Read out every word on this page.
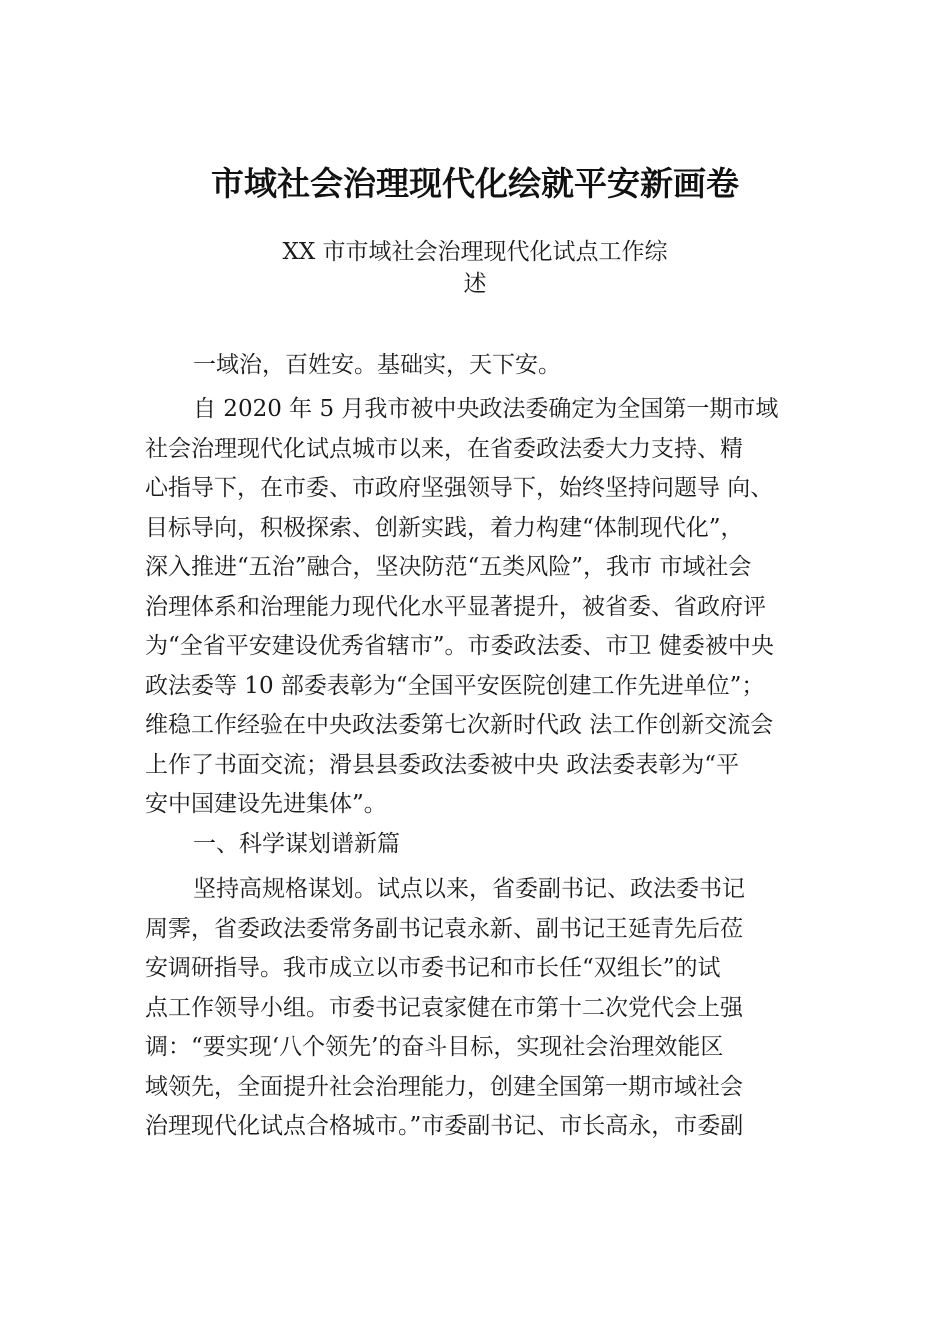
市域社会治理现代化绘就平安新画卷
XX 市市域社会治理现代化试点工作综
述
一域治，百姓安。基础实，天下安。
自 2020 年 5 月我市被中央政法委确定为全国第一期市域
社会治理现代化试点城市以来，在省委政法委大力支持、精
心指导下，在市委、市政府坚强领导下，始终坚持问题导 向、
目标导向，积极探索、创新实践，着力构建“体制现代化”，
深入推进“五治”融合，坚决防范“五类风险”，我市 市域社会
治理体系和治理能力现代化水平显著提升，被省委、省政府评
为“全省平安建设优秀省辖市”。市委政法委、市卫 健委被中央
政法委等 10 部委表彰为“全国平安医院创建工作先进单位”；
维稳工作经验在中央政法委第七次新时代政 法工作创新交流会
上作了书面交流；滑县县委政法委被中央 政法委表彰为“平
安中国建设先进集体”。
一、科学谋划谱新篇
坚持高规格谋划。试点以来，省委副书记、政法委书记
周霁，省委政法委常务副书记袁永新、副书记王延青先后莅
安调研指导。我市成立以市委书记和市长任“双组长”的试
点工作领导小组。市委书记袁家健在市第十二次党代会上强
调：“要实现‘八个领先’的奋斗目标，实现社会治理效能区
域领先，全面提升社会治理能力，创建全国第一期市域社会
治理现代化试点合格城市。”市委副书记、市长高永，市委副
